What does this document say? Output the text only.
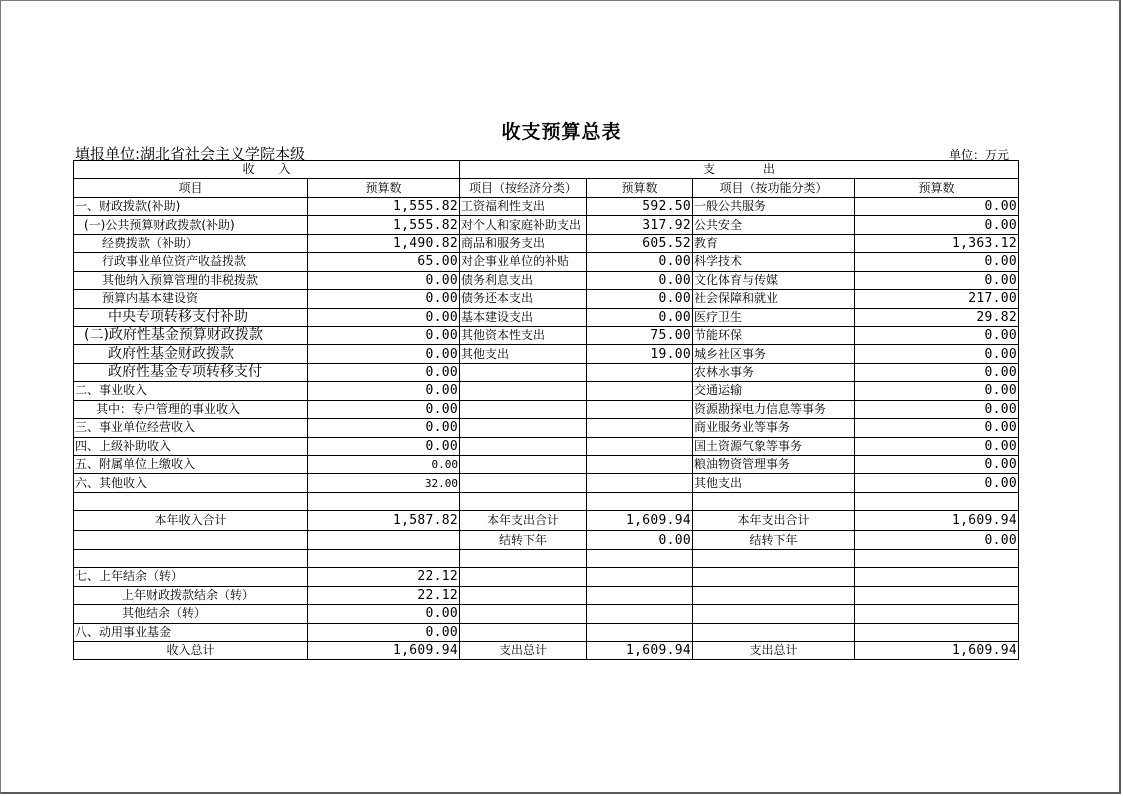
收支预算总表
填报单位:湖北省社会主义学院本级	单位：万元
收　　入		支　　　　出			
项目	预算数	项目（按经济分类）	预算数	项目（按功能分类）	预算数
一、财政拨款(补助)	1,555.82	工资福利性支出	592.50	一般公共服务	0.00
(一)公共预算财政拨款(补助)	1,555.82	对个人和家庭补助支出	317.92	公共安全	0.00
经费拨款（补助）	1,490.82	商品和服务支出	605.52	教育	1,363.12
行政事业单位资产收益拨款	65.00	对企事业单位的补贴	0.00	科学技术	0.00
其他纳入预算管理的非税拨款	0.00	债务利息支出	0.00	文化体育与传媒	0.00
预算内基本建设资	0.00	债务还本支出	0.00	社会保障和就业	217.00
中央专项转移支付补助	0.00	基本建设支出	0.00	医疗卫生	29.82
(二)政府性基金预算财政拨款	0.00	其他资本性支出	75.00	节能环保	0.00
政府性基金财政拨款	0.00	其他支出	19.00	城乡社区事务	0.00
政府性基金专项转移支付	0.00			农林水事务	0.00
二、事业收入	0.00			交通运输	0.00
其中：专户管理的事业收入	0.00			资源勘探电力信息等事务	0.00
三、事业单位经营收入	0.00			商业服务业等事务	0.00
四、上级补助收入	0.00			国土资源气象等事务	0.00
五、附属单位上缴收入	0.00			粮油物资管理事务	0.00
六、其他收入	32.00			其他支出	0.00

本年收入合计	1,587.82	本年支出合计	1,609.94	本年支出合计	1,609.94
		结转下年	0.00	结转下年	0.00

七、上年结余（转）	22.12				
上年财政拨款结余（转）	22.12				
其他结余（转）	0.00				
八、动用事业基金	0.00				
收入总计	1,609.94	支出总计	1,609.94	支出总计	1,609.94
